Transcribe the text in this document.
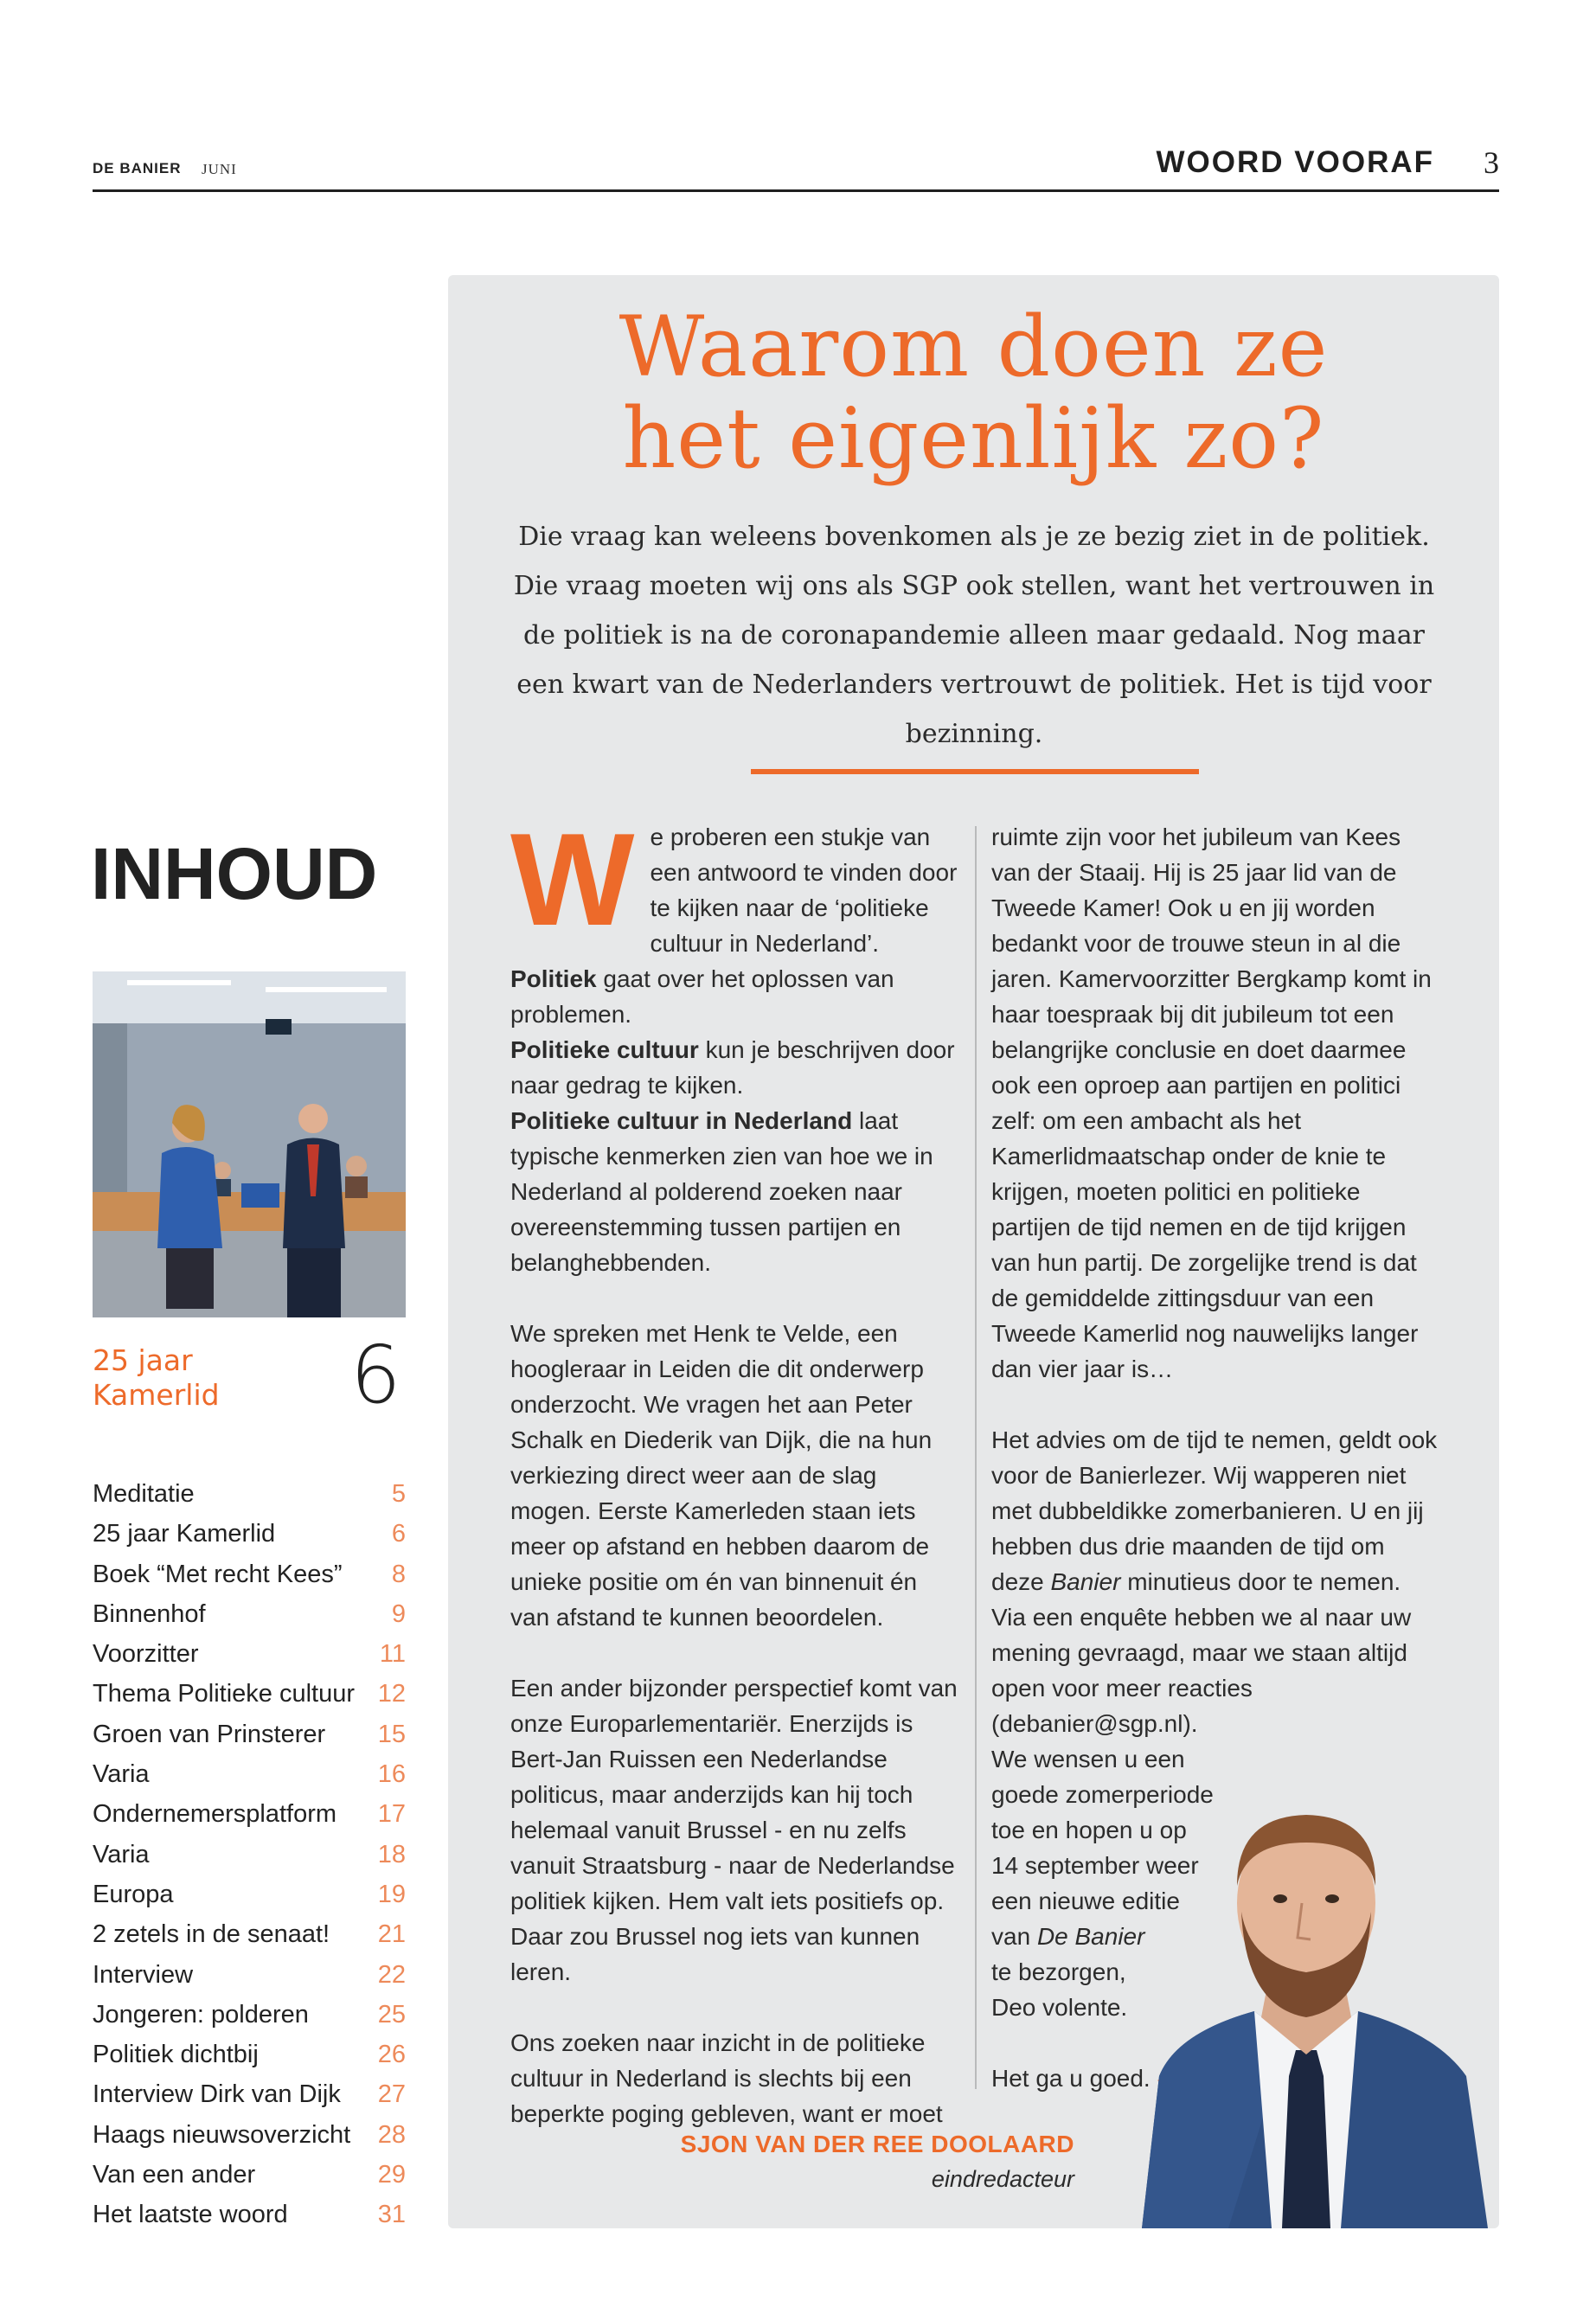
DE BANIER JUNI	WOORD VOORAF 3
Waarom doen ze
het eigenlijk zo?
Die vraag kan weleens bovenkomen als je ze bezig ziet in de politiek. Die vraag moeten wij ons als SGP ook stellen, want het vertrouwen in de politiek is na de coronapandemie alleen maar gedaald. Nog maar een kwart van de Nederlanders vertrouwt de politiek. Het is tijd voor bezinning.
W e proberen een stukje van een antwoord te vinden door te kijken naar de ‘politieke cultuur in Nederland’.

Politiek gaat over het oplossen van problemen.

Politieke cultuur kun je beschrijven door naar gedrag te kijken.

Politieke cultuur in Nederland laat typische kenmerken zien van hoe we in Nederland al polderend zoeken naar overeenstemming tussen partijen en belanghebbenden.

We spreken met Henk te Velde, een hoogleraar in Leiden die dit onderwerp onderzocht. We vragen het aan Peter Schalk en Diederik van Dijk, die na hun verkiezing direct weer aan de slag mogen. Eerste Kamerleden staan iets meer op afstand en hebben daarom de unieke positie om én van binnenuit én van afstand te kunnen beoordelen.

Een ander bijzonder perspectief komt van onze Europarlementariër. Enerzijds is Bert-Jan Ruissen een Nederlandse politicus, maar anderzijds kan hij toch helemaal vanuit Brussel - en nu zelfs vanuit Straatsburg - naar de Nederlandse politiek kijken. Hem valt iets positiefs op. Daar zou Brussel nog iets van kunnen leren.

Ons zoeken naar inzicht in de politieke cultuur in Nederland is slechts bij een beperkte poging gebleven, want er moet

ruimte zijn voor het jubileum van Kees van der Staaij. Hij is 25 jaar lid van de Tweede Kamer! Ook u en jij worden bedankt voor de trouwe steun in al die jaren. Kamervoorzitter Bergkamp komt in haar toespraak bij dit jubileum tot een belangrijke conclusie en doet daarmee ook een oproep aan partijen en politici zelf: om een ambacht als het Kamerlidmaatschap onder de knie te krijgen, moeten politici en politieke partijen de tijd nemen en de tijd krijgen van hun partij. De zorgelijke trend is dat de gemiddelde zittingsduur van een Tweede Kamerlid nog nauwelijks langer dan vier jaar is…

Het advies om de tijd te nemen, geldt ook voor de Banierlezer. Wij wapperen niet met dubbeldikke zomerbanieren. U en jij hebben dus drie maanden de tijd om deze Banier minutieus door te nemen. Via een enquête hebben we al naar uw mening gevraagd, maar we staan altijd open voor meer reacties (debanier@sgp.nl).

We wensen u een goede zomerperiode toe en hopen u op
14 september weer
een nieuwe editie
van De Banier
te bezorgen,
Deo volente.

Het ga u goed.

SJON VAN DER REE DOOLAARD
eindredacteur
INHOUD
25 jaar
Kamerlid 6
Meditatie	5
25 jaar Kamerlid	6
Boek “Met recht Kees” 8
Binnenhof	9
Voorzitter	11
Thema Politieke cultuur 12
Groen van Prinsterer 15
Varia	16
Ondernemersplatform 17
Varia	18
Europa	19
2 zetels in de senaat! 21
Interview	22
Jongeren: polderen	25
Politiek dichtbij	26
Interview Dirk van Dijk 27
Haags nieuwsoverzicht 28
Van een ander	29
Het laatste woord	31
